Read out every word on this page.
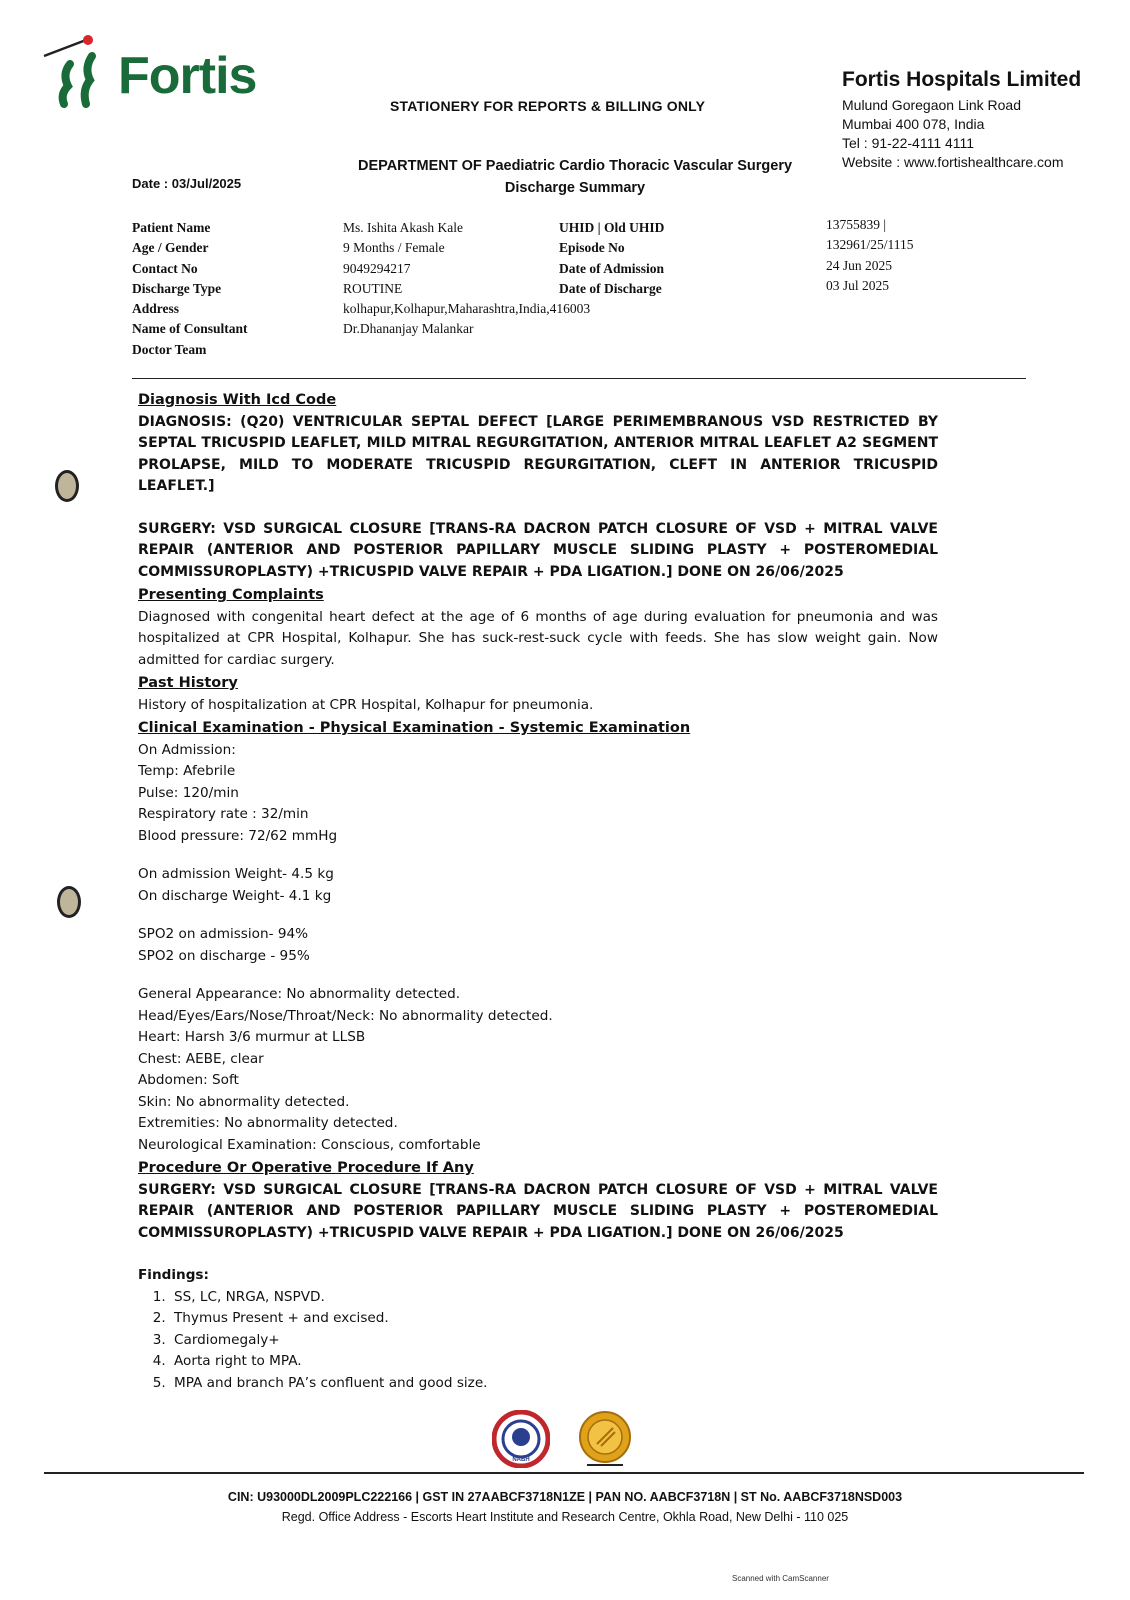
Fortis
STATIONERY FOR REPORTS & BILLING ONLY
Fortis Hospitals Limited
Mulund Goregaon Link Road
Mumbai 400 078, India
Tel : 91-22-4111 4111
Website : www.fortishealthcare.com
DEPARTMENT OF Paediatric Cardio Thoracic Vascular Surgery
Discharge Summary
Date : 03/Jul/2025
Patient Name
Age / Gender
Contact No
Discharge Type
Address
Name of Consultant
Doctor Team
Ms. Ishita Akash Kale
9 Months / Female
9049294217
ROUTINE
kolhapur,Kolhapur,Maharashtra,India,416003
Dr.Dhananjay Malankar
UHID | Old UHID
Episode No
Date of Admission
Date of Discharge
13755839 |
132961/25/1115
24 Jun 2025
03 Jul 2025
Diagnosis With Icd Code

DIAGNOSIS: (Q20) VENTRICULAR SEPTAL DEFECT [LARGE PERIMEMBRANOUS VSD RESTRICTED BY SEPTAL TRICUSPID LEAFLET, MILD MITRAL REGURGITATION, ANTERIOR MITRAL LEAFLET A2 SEGMENT PROLAPSE, MILD TO MODERATE TRICUSPID REGURGITATION, CLEFT IN ANTERIOR TRICUSPID LEAFLET.]

SURGERY: VSD SURGICAL CLOSURE [TRANS-RA DACRON PATCH CLOSURE OF VSD + MITRAL VALVE REPAIR (ANTERIOR AND POSTERIOR PAPILLARY MUSCLE SLIDING PLASTY + POSTEROMEDIAL COMMISSUROPLASTY) +TRICUSPID VALVE REPAIR + PDA LIGATION.] DONE ON 26/06/2025

Presenting Complaints

Diagnosed with congenital heart defect at the age of 6 months of age during evaluation for pneumonia and was hospitalized at CPR Hospital, Kolhapur. She has suck-rest-suck cycle with feeds. She has slow weight gain. Now admitted for cardiac surgery.

Past History

History of hospitalization at CPR Hospital, Kolhapur for pneumonia.

Clinical Examination - Physical Examination - Systemic Examination
On Admission:
Temp: Afebrile
Pulse: 120/min
Respiratory rate : 32/min
Blood pressure: 72/62 mmHg
On admission Weight- 4.5 kg
On discharge Weight- 4.1 kg
SPO2 on admission- 94%
SPO2 on discharge - 95%
General Appearance: No abnormality detected.
Head/Eyes/Ears/Nose/Throat/Neck: No abnormality detected.
Heart: Harsh 3/6 murmur at LLSB
Chest: AEBE, clear
Abdomen: Soft
Skin: No abnormality detected.
Extremities: No abnormality detected.
Neurological Examination: Conscious, comfortable
Procedure Or Operative Procedure If Any

SURGERY: VSD SURGICAL CLOSURE [TRANS-RA DACRON PATCH CLOSURE OF VSD + MITRAL VALVE REPAIR (ANTERIOR AND POSTERIOR PAPILLARY MUSCLE SLIDING PLASTY + POSTEROMEDIAL COMMISSUROPLASTY) +TRICUSPID VALVE REPAIR + PDA LIGATION.] DONE ON 26/06/2025

Findings:
1. SS, LC, NRGA, NSPVD.
2. Thymus Present + and excised.
3. Cardiomegaly+
4. Aorta right to MPA.
5. MPA and branch PA’s confluent and good size.
NABH
CIN: U93000DL2009PLC222166 | GST IN 27AABCF3718N1ZE | PAN NO. AABCF3718N | ST No. AABCF3718NSD003
Regd. Office Address - Escorts Heart Institute and Research Centre, Okhla Road, New Delhi - 110 025
Scanned with CamScanner
